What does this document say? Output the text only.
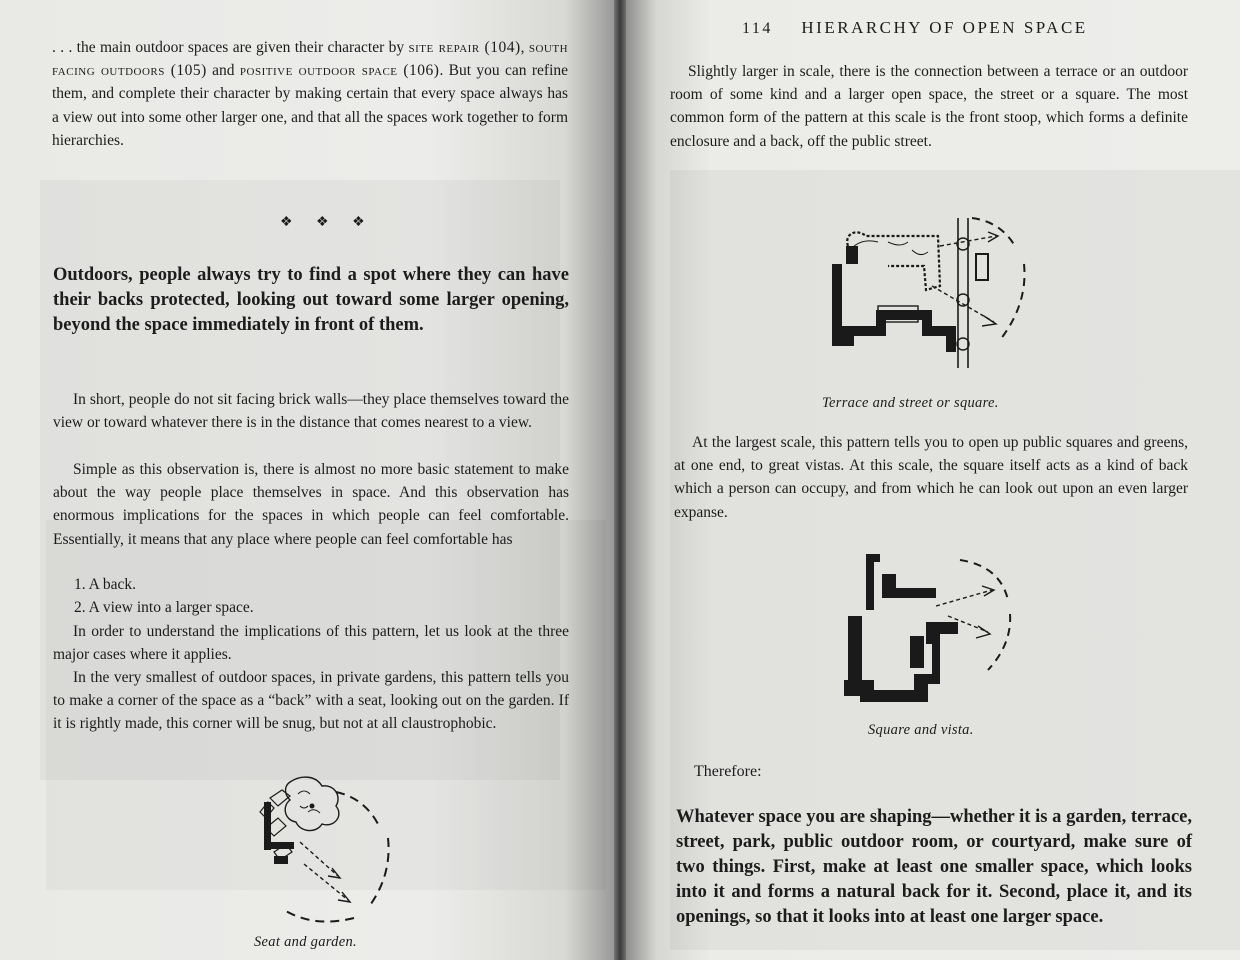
. . . the main outdoor spaces are given their character by site repair (104), south facing outdoors (105) and positive outdoor space (106). But you can refine them, and complete their character by making certain that every space always has a view out into some other larger one, and that all the spaces work together to form hierarchies.

❖ ❖ ❖

Outdoors, people always try to find a spot where they can have their backs protected, looking out toward some larger opening, beyond the space immediately in front of them.

In short, people do not sit facing brick walls—they place themselves toward the view or toward whatever there is in the distance that comes nearest to a view.

Simple as this observation is, there is almost no more basic statement to make about the way people place themselves in space. And this observation has enormous implications for the spaces in which people can feel comfortable. Essentially, it means that any place where people can feel comfortable has

1. A back.
2. A view into a larger space.

In order to understand the implications of this pattern, let us look at the three major cases where it applies.

In the very smallest of outdoor spaces, in private gardens, this pattern tells you to make a corner of the space as a “back” with a seat, looking out on the garden. If it is rightly made, this corner will be snug, but not at all claustrophobic.

Seat and garden.
114 HIERARCHY OF OPEN SPACE

Slightly larger in scale, there is the connection between a terrace or an outdoor room of some kind and a larger open space, the street or a square. The most common form of the pattern at this scale is the front stoop, which forms a definite enclosure and a back, off the public street.

Terrace and street or square.

At the largest scale, this pattern tells you to open up public squares and greens, at one end, to great vistas. At this scale, the square itself acts as a kind of back which a person can occupy, and from which he can look out upon an even larger expanse.

Square and vista.
Therefore:

Whatever space you are shaping—whether it is a garden, terrace, street, park, public outdoor room, or courtyard, make sure of two things. First, make at least one smaller space, which looks into it and forms a natural back for it. Second, place it, and its openings, so that it looks into at least one larger space.
